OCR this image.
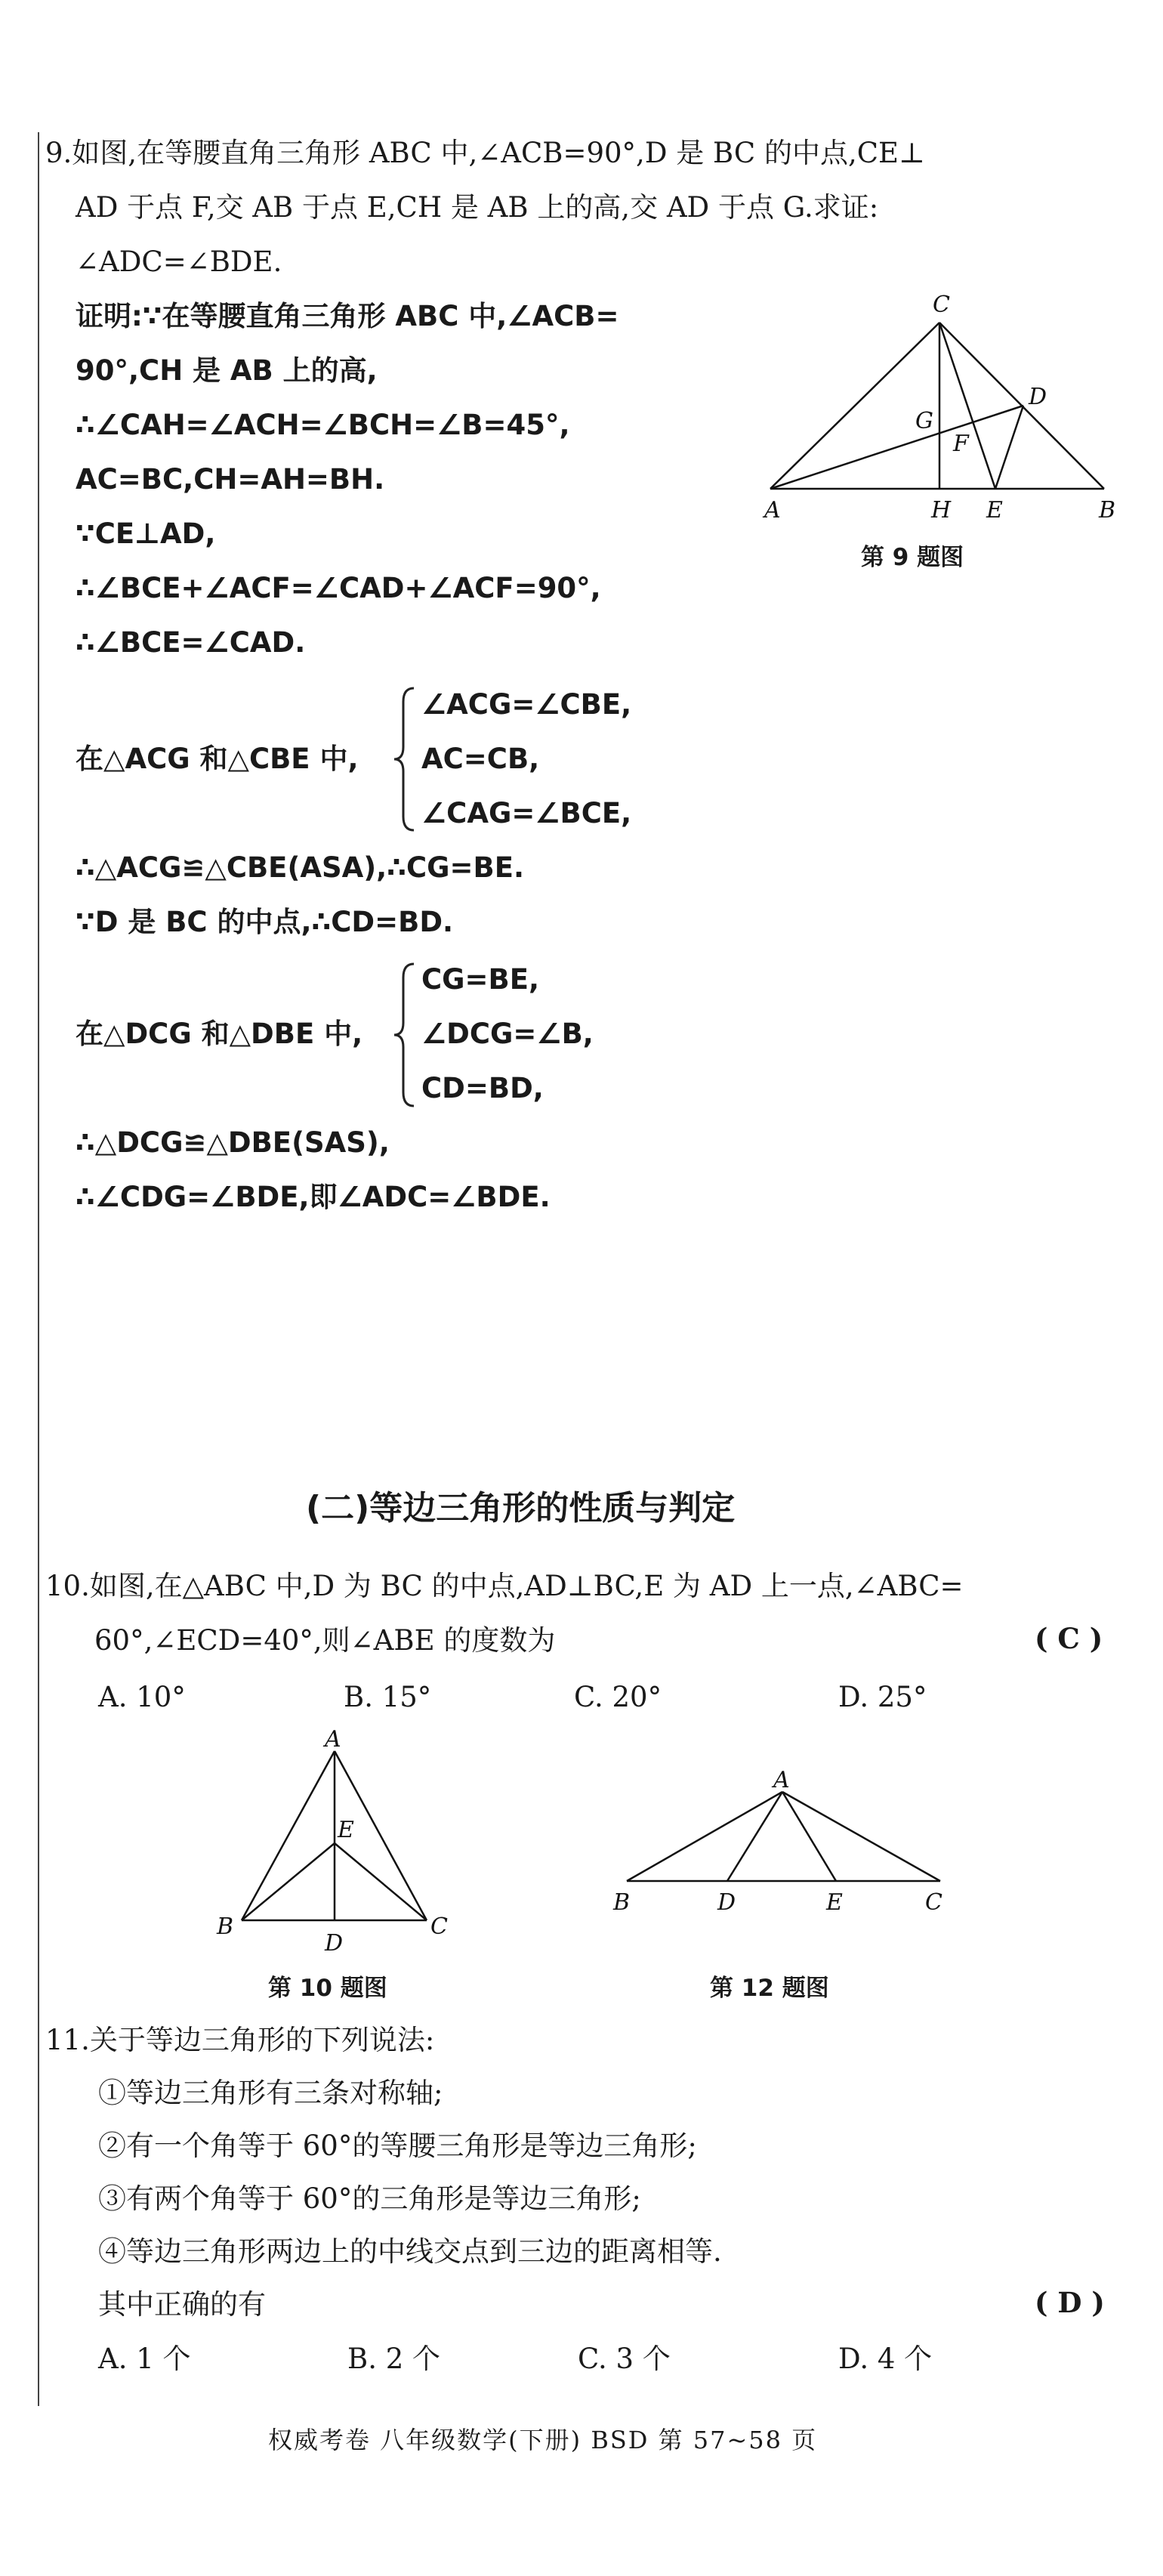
9.如图,在等腰直角三角形 ABC 中,∠ACB=90°,D 是 BC 的中点,CE⊥
AD 于点 F,交 AB 于点 E,CH 是 AB 上的高,交 AD 于点 G.求证:
∠ADC=∠BDE.
证明:∵在等腰直角三角形 ABC 中,∠ACB=
90°,CH 是 AB 上的高,
∴∠CAH=∠ACH=∠BCH=∠B=45°,
AC=BC,CH=AH=BH.
∵CE⊥AD,
∴∠BCE+∠ACF=∠CAD+∠ACF=90°,
∴∠BCE=∠CAD.
在△ACG 和△CBE 中,
∠ACG=∠CBE,
AC=CB,
∠CAG=∠BCE,
∴△ACG≌△CBE(ASA),∴CG=BE.
∵D 是 BC 的中点,∴CD=BD.
在△DCG 和△DBE 中,
CG=BE,
∠DCG=∠B,
CD=BD,
∴△DCG≌△DBE(SAS),
∴∠CDG=∠BDE,即∠ADC=∠BDE.
C
A	B
D
G
F
H E
第 9 题图
(二)等边三角形的性质与判定
10.如图,在△ABC 中,D 为 BC 的中点,AD⊥BC,E 为 AD 上一点,∠ABC=
60°,∠ECD=40°,则∠ABE 的度数为	( C )
A. 10°	B. 15°	C. 20°	D. 25°
A
E
B
D
C
第 10 题图
A
B	D	E	C
第 12 题图
11.关于等边三角形的下列说法:
①等边三角形有三条对称轴;
②有一个角等于 60°的等腰三角形是等边三角形;
③有两个角等于 60°的三角形是等边三角形;
④等边三角形两边上的中线交点到三边的距离相等.
其中正确的有	( D )
A. 1 个	B. 2 个	C. 3 个	D. 4 个
权威考卷 八年级数学(下册) BSD 第 57~58 页
